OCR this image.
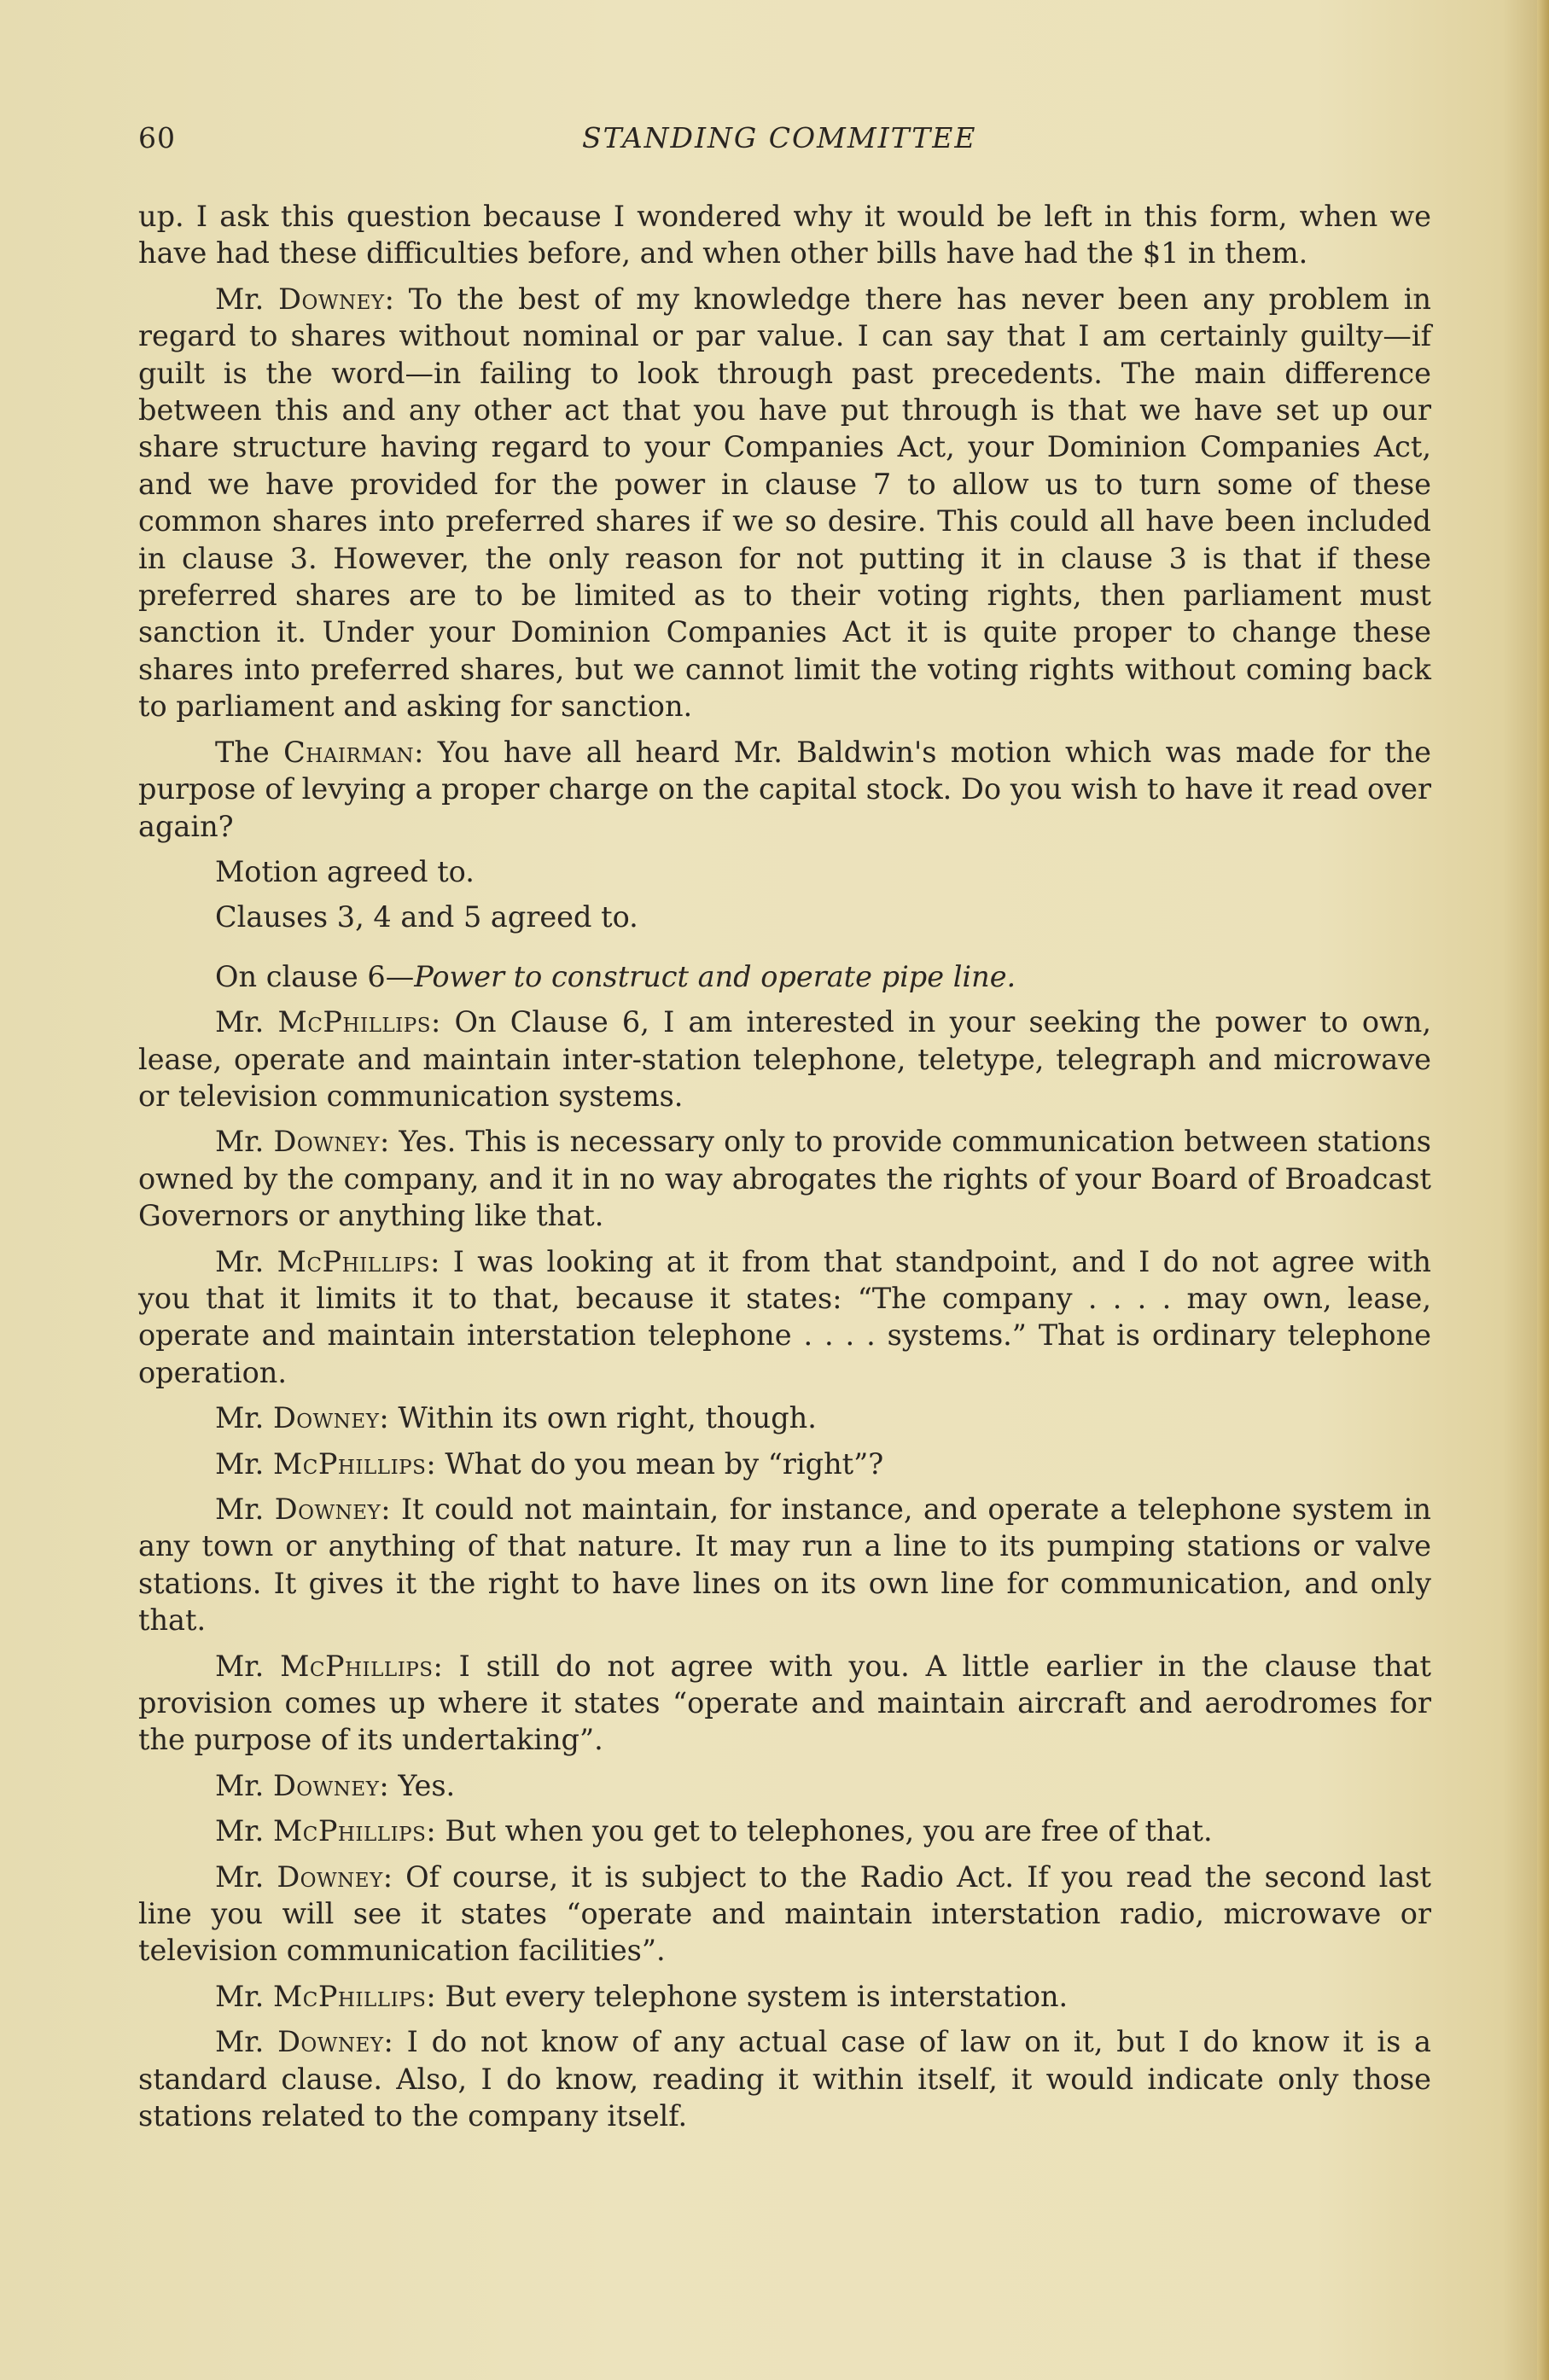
60	STANDING COMMITTEE

up. I ask this question because I wondered why it would be left in this form, when we have had these difficulties before, and when other bills have had the $1 in them.

Mr. Downey: To the best of my knowledge there has never been any problem in regard to shares without nominal or par value. I can say that I am certainly guilty—if guilt is the word—in failing to look through past precedents. The main difference between this and any other act that you have put through is that we have set up our share structure having regard to your Companies Act, your Dominion Companies Act, and we have provided for the power in clause 7 to allow us to turn some of these common shares into preferred shares if we so desire. This could all have been included in clause 3. However, the only reason for not putting it in clause 3 is that if these preferred shares are to be limited as to their voting rights, then parliament must sanction it. Under your Dominion Companies Act it is quite proper to change these shares into preferred shares, but we cannot limit the voting rights without coming back to parliament and asking for sanction.

The Chairman: You have all heard Mr. Baldwin's motion which was made for the purpose of levying a proper charge on the capital stock. Do you wish to have it read over again?

Motion agreed to.

Clauses 3, 4 and 5 agreed to.

On clause 6—Power to construct and operate pipe line.

Mr. McPhillips: On Clause 6, I am interested in your seeking the power to own, lease, operate and maintain inter-station telephone, teletype, telegraph and microwave or television communication systems.

Mr. Downey: Yes. This is necessary only to provide communication between stations owned by the company, and it in no way abrogates the rights of your Board of Broadcast Governors or anything like that.

Mr. McPhillips: I was looking at it from that standpoint, and I do not agree with you that it limits it to that, because it states: “The company . . . . may own, lease, operate and maintain interstation telephone . . . . systems.” That is ordinary telephone operation.

Mr. Downey: Within its own right, though.

Mr. McPhillips: What do you mean by “right”?

Mr. Downey: It could not maintain, for instance, and operate a telephone system in any town or anything of that nature. It may run a line to its pumping stations or valve stations. It gives it the right to have lines on its own line for communication, and only that.

Mr. McPhillips: I still do not agree with you. A little earlier in the clause that provision comes up where it states “operate and maintain aircraft and aerodromes for the purpose of its undertaking”.

Mr. Downey: Yes.

Mr. McPhillips: But when you get to telephones, you are free of that.

Mr. Downey: Of course, it is subject to the Radio Act. If you read the second last line you will see it states “operate and maintain interstation radio, microwave or television communication facilities”.

Mr. McPhillips: But every telephone system is interstation.

Mr. Downey: I do not know of any actual case of law on it, but I do know it is a standard clause. Also, I do know, reading it within itself, it would indicate only those stations related to the company itself.
